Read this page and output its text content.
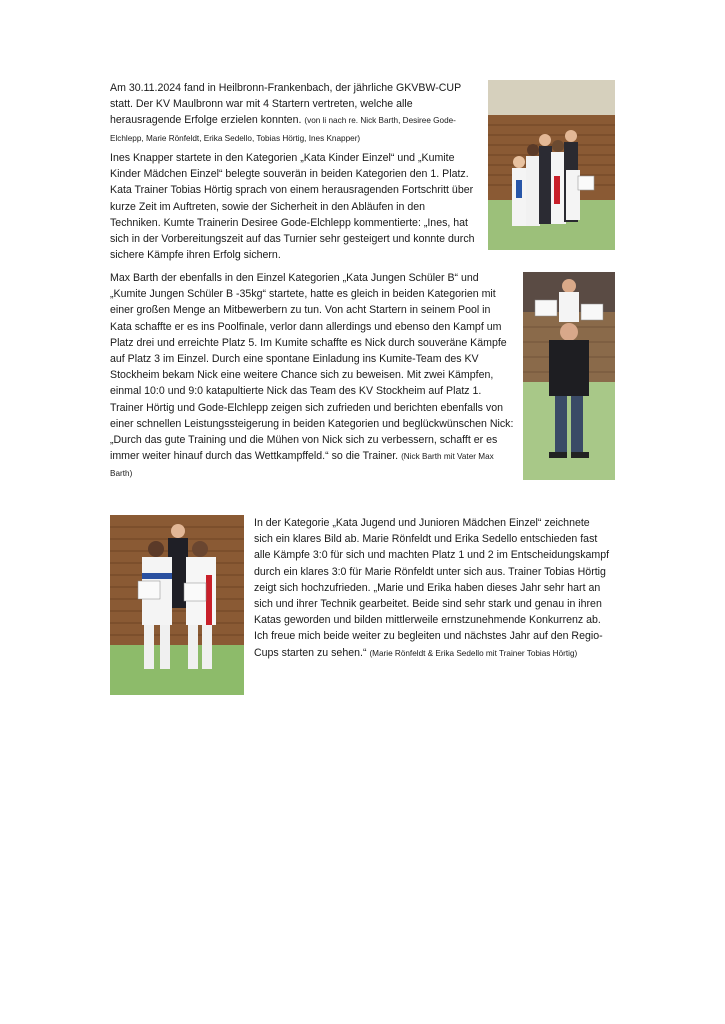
Am 30.11.2024 fand in Heilbronn-Frankenbach, der jährliche GKVBW-CUP statt. Der KV Maulbronn war mit 4 Startern vertreten, welche alle herausragende Erfolge erzielen konnten. (von li nach re. Nick Barth, Desiree Gode-Elchlepp, Marie Rönfeldt, Erika Sedello, Tobias Hörtig, Ines Knapper)

Ines Knapper startete in den Kategorien „Kata Kinder Einzel“ und „Kumite Kinder Mädchen Einzel“ belegte souverän in beiden Kategorien den 1. Platz. Kata Trainer Tobias Hörtig sprach von einem herausragenden Fortschritt über kurze Zeit im Auftreten, sowie der Sicherheit in den Abläufen in den Techniken. Kumte Trainerin Desiree Gode-Elchlepp kommentierte: „Ines, hat sich in der Vorbereitungszeit auf das Turnier sehr gesteigert und konnte durch sichere Kämpfe ihren Erfolg sichern.

Max Barth der ebenfalls in den Einzel Kategorien „Kata Jungen Schüler B“ und „Kumite Jungen Schüler B -35kg“ startete, hatte es gleich in beiden Kategorien mit einer großen Menge an Mitbewerbern zu tun. Von acht Startern in seinem Pool in Kata schaffte er es ins Poolfinale, verlor dann allerdings und ebenso den Kampf um Platz drei und erreichte Platz 5. Im Kumite schaffte es Nick durch souveräne Kämpfe auf Platz 3 im Einzel. Durch eine spontane Einladung ins Kumite-Team des KV Stockheim bekam Nick eine weitere Chance sich zu beweisen. Mit zwei Kämpfen, einmal 10:0 und 9:0 katapultierte Nick das Team des KV Stockheim auf Platz 1. Trainer Hörtig und Gode-Elchlepp zeigen sich zufrieden und berichten ebenfalls von einer schnellen Leistungssteigerung in beiden Kategorien und beglückwünschen Nick: „Durch das gute Training und die Mühen von Nick sich zu verbessern, schafft er es immer weiter hinauf durch das Wettkampffeld.“ so die Trainer. (Nick Barth mit Vater Max Barth)

In der Kategorie „Kata Jugend und Junioren Mädchen Einzel“ zeichnete sich ein klares Bild ab. Marie Rönfeldt und Erika Sedello entschieden fast alle Kämpfe 3:0 für sich und machten Platz 1 und 2 im Entscheidungskampf durch ein klares 3:0 für Marie Rönfeldt unter sich aus. Trainer Tobias Hörtig zeigt sich hochzufrieden. „Marie und Erika haben dieses Jahr sehr hart an sich und ihrer Technik gearbeitet. Beide sind sehr stark und genau in ihren Katas geworden und bilden mittlerweile ernstzunehmende Konkurrenz ab. Ich freue mich beide weiter zu begleiten und nächstes Jahr auf den Regio-Cups starten zu sehen.“ (Marie Rönfeldt & Erika Sedello mit Trainer Tobias Hörtig)
